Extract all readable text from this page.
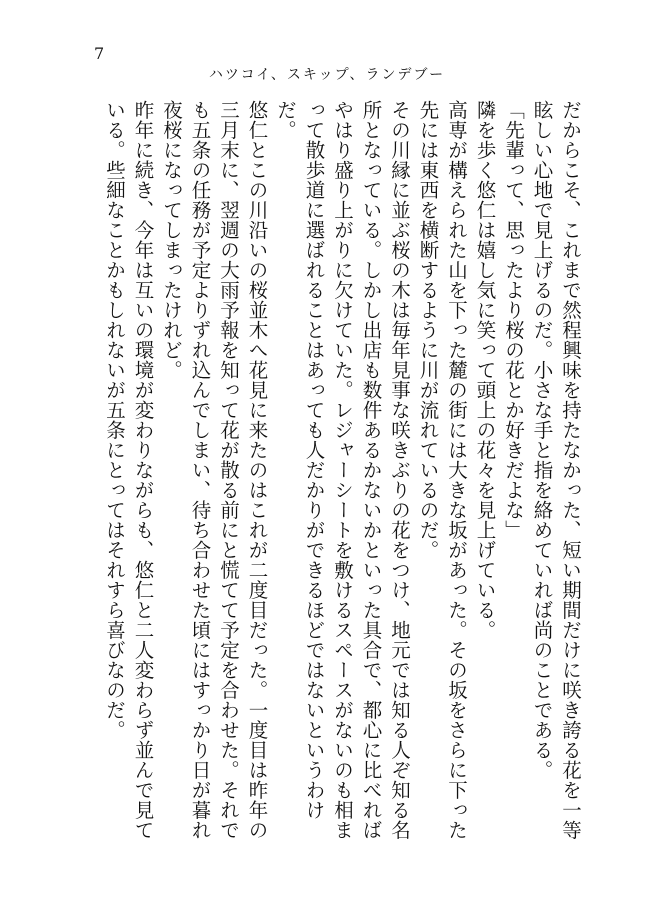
7
ハツコイ、スキップ、ランデブー

だからこそ、これまで然程興味を持たなかった、短い期間だけに咲き誇る花を一等眩しい心地で見上げるのだ。小さな手と指を絡めていれば尚のことである。

「先輩って、思ったより桜の花とか好きだよな」

隣を歩く悠仁は嬉し気に笑って頭上の花々を見上げている。

高専が構えられた山を下った麓の街には大きな坂があった。その坂をさらに下った先には東西を横断するように川が流れているのだ。

その川縁に並ぶ桜の木は毎年見事な咲きぶりの花をつけ、地元では知る人ぞ知る名所となっている。しかし出店も数件あるかないかといった具合で、都心に比べればやはり盛り上がりに欠けていた。レジャーシートを敷けるスペースがないのも相まって散歩道に選ばれることはあっても人だかりができるほどではないというわけだ。

悠仁とこの川沿いの桜並木へ花見に来たのはこれが二度目だった。一度目は昨年の三月末に、翌週の大雨予報を知って花が散る前にと慌てて予定を合わせた。それでも五条の任務が予定よりずれ込んでしまい、待ち合わせた頃にはすっかり日が暮れ夜桜になってしまったけれど。

昨年に続き、今年は互いの環境が変わりながらも、悠仁と二人変わらず並んで見ている。些細なことかもしれないが五条にとってはそれすら喜びなのだ。
